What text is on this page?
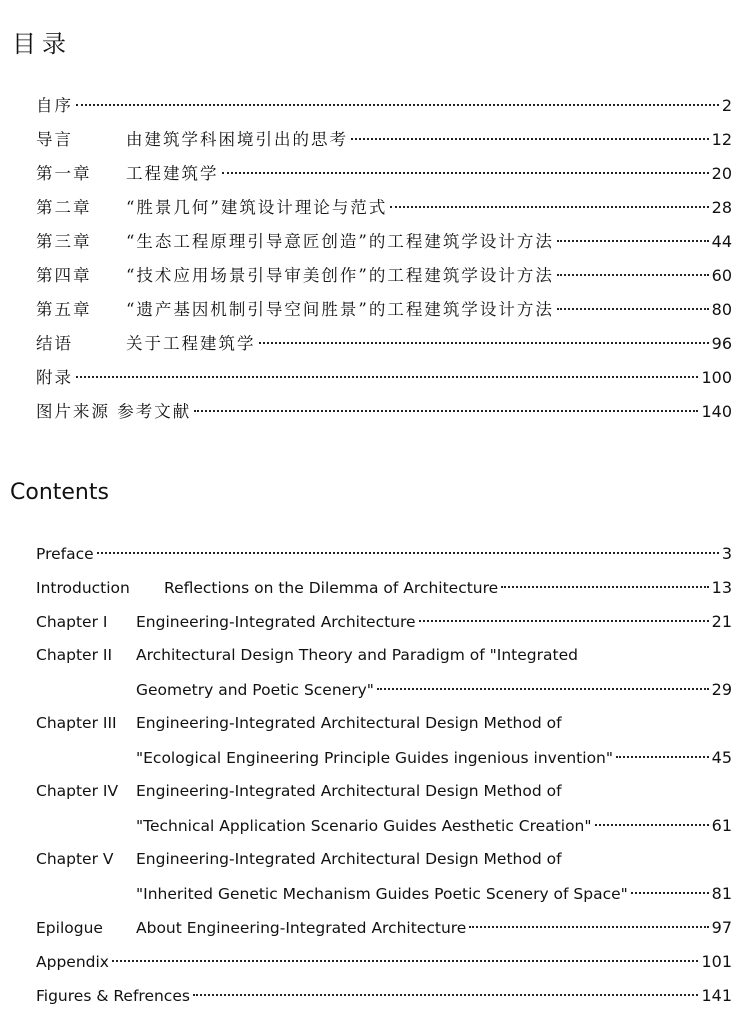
目录
自序	2
导言	由建筑学科困境引出的思考	12
第一章	工程建筑学	20
第二章	“胜景几何”建筑设计理论与范式	28
第三章	“生态工程原理引导意匠创造”的工程建筑学设计方法	44
第四章	“技术应用场景引导审美创作”的工程建筑学设计方法	60
第五章	“遗产基因机制引导空间胜景”的工程建筑学设计方法	80
结语	关于工程建筑学	96
附录	100
图片来源 参考文献	140
Contents
Preface	3
Introduction	Reflections on the Dilemma of Architecture	13
Chapter I	Engineering-Integrated Architecture	21
Chapter II	Architectural Design Theory and Paradigm of "Integrated
Geometry and Poetic Scenery"	29
Chapter III	Engineering-Integrated Architectural Design Method of
"Ecological Engineering Principle Guides ingenious invention"	45
Chapter IV	Engineering-Integrated Architectural Design Method of
"Technical Application Scenario Guides Aesthetic Creation"	61
Chapter V	Engineering-Integrated Architectural Design Method of
"Inherited Genetic Mechanism Guides Poetic Scenery of Space"	81
Epilogue	About Engineering-Integrated Architecture	97
Appendix	101
Figures & Refrences	141
